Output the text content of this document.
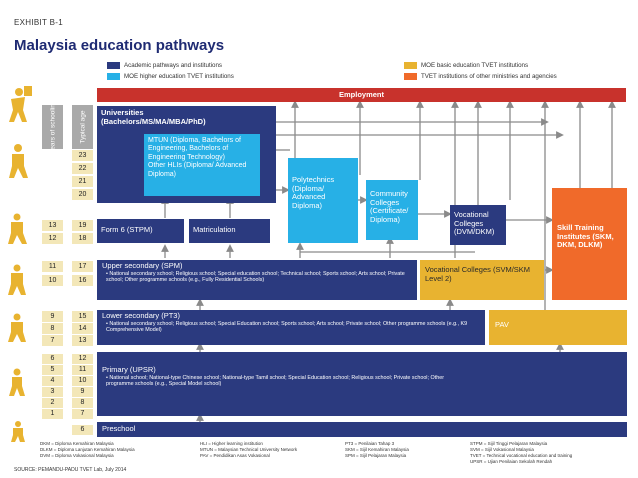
EXHIBIT B-1
Malaysia education pathways
Academic pathways and institutions
MOE higher education TVET institutions
MOE basic education TVET institutions
TVET institutions of other ministries and agencies
Employment
Years of schooling	Typical age
23
22
21
20
13	19
12	18
11	17
10	16
9	15
8	14
7	13
6	12
5	11
4	10
3	9
2	8
1	7
6
Universities
(Bachelors/MS/MA/MBA/PhD)
MTUN (Diploma, Bachelors of Engineering, Bachelors of Engineering Technology)
Other HLIs (Diploma/ Advanced Diploma)
Polytechnics (Diploma/ Advanced Diploma)
Community Colleges (Certificate/ Diploma)
Vocational Colleges (DVM/DKM)	Skill Training Institutes (SKM, DKM, DLKM)
Form 6 (STPM)	Matriculation
Upper secondary (SPM)
• National secondary school; Religious school; Special education school; Technical school; Sports school; Arts school; Private school; Other programme schools (e.g., Fully Residential Schools)
Vocational Colleges (SVM/SKM Level 2)
Lower secondary (PT3)
• National secondary school; Religious school; Special Education school; Sports school; Arts school; Private school; Other programme schools (e.g., K9 Comprehensive Model)
PAV
Primary (UPSR)
• National school; National-type Chinese school; National-type Tamil school; Special Education school; Religious school; Private school; Other programme schools (e.g., Special Model school)
Preschool
DKM = Diploma Kemahiran Malaysia
DLKM = Diploma Lanjutan Kemahiran Malaysia
DVM = Diploma Vokasional Malaysia
HLI = Higher learning institution
MTUN = Malaysian Technical University Network
PAV = Pendidikan Asas Vokasional
PT3 = Penilaian Tahap 3
SKM = Sijil Kemahiran Malaysia
SPM = Sijil Pelajaran Malaysia
STPM = Sijil Tinggi Pelajaran Malaysia
SVM = Sijil Vokasional Malaysia
TVET = Technical vocational education and training
UPSR = Ujian Penilaian Sekolah Rendah
SOURCE: PEMANDU-PADU TVET Lab, July 2014
